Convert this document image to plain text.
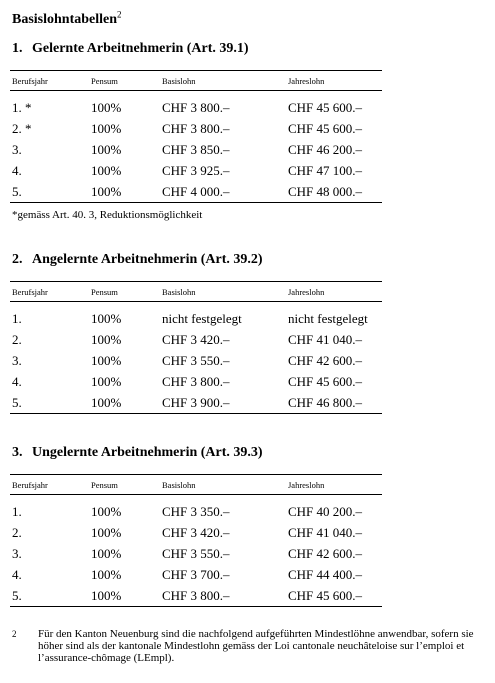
Basislohntabellen$^2$
1. Gelernte Arbeitnehmerin (Art. 39.1)
Berufsjahr	Pensum	Basislohn	Jahreslohn
1. *	100%	CHF 3 800.–	CHF 45 600.–
2. *	100%	CHF 3 800.–	CHF 45 600.–
3.	100%	CHF 3 850.–	CHF 46 200.–
4.	100%	CHF 3 925.–	CHF 47 100.–
5.	100%	CHF 4 000.–	CHF 48 000.–
*gemäss Art. 40. 3, Reduktionsmöglichkeit
2. Angelernte Arbeitnehmerin (Art. 39.2)
Berufsjahr	Pensum	Basislohn	Jahreslohn
1.	100%	nicht festgelegt	nicht festgelegt
2.	100%	CHF 3 420.–	CHF 41 040.–
3.	100%	CHF 3 550.–	CHF 42 600.–
4.	100%	CHF 3 800.–	CHF 45 600.–
5.	100%	CHF 3 900.–	CHF 46 800.–
3. Ungelernte Arbeitnehmerin (Art. 39.3)
Berufsjahr	Pensum	Basislohn	Jahreslohn
1.	100%	CHF 3 350.–	CHF 40 200.–
2.	100%	CHF 3 420.–	CHF 41 040.–
3.	100%	CHF 3 550.–	CHF 42 600.–
4.	100%	CHF 3 700.–	CHF 44 400.–
5.	100%	CHF 3 800.–	CHF 45 600.–
2 Für den Kanton Neuenburg sind die nachfolgend aufgeführten Mindestlöhne anwendbar, sofern sie höher sind als der kantonale Mindestlohn gemäss der Loi cantonale neuchâteloise sur l’emploi et l’assurance-chômage (LEmpl).
